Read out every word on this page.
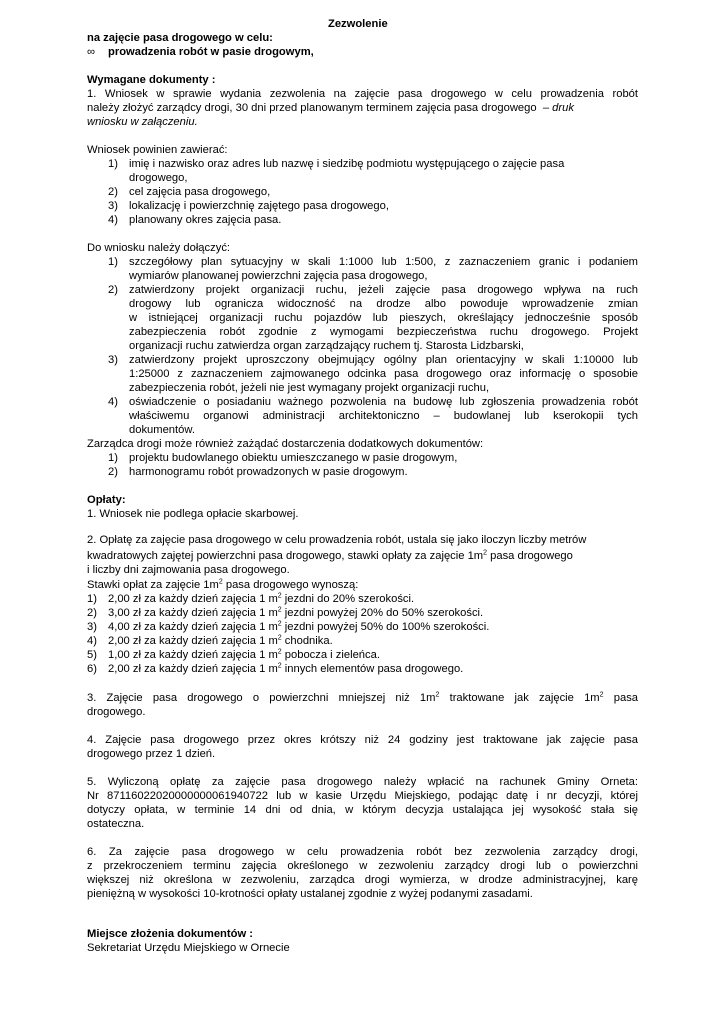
Zezwolenie
na zajęcie pasa drogowego w celu:
∞ prowadzenia robót w pasie drogowym,
Wymagane dokumenty :
1. Wniosek w sprawie wydania zezwolenia na zajęcie pasa drogowego w celu prowadzenia robót
należy złożyć zarządcy drogi, 30 dni przed planowanym terminem zajęcia pasa drogowego – druk
wniosku w załączeniu.
Wniosek powinien zawierać:
1) imię i nazwisko oraz adres lub nazwę i siedzibę podmiotu występującego o zajęcie pasa
drogowego,
2) cel zajęcia pasa drogowego,
3) lokalizację i powierzchnię zajętego pasa drogowego,
4) planowany okres zajęcia pasa.
Do wniosku należy dołączyć:
1) szczegółowy plan sytuacyjny w skali 1:1000 lub 1:500, z zaznaczeniem granic i podaniem
wymiarów planowanej powierzchni zajęcia pasa drogowego,
2) zatwierdzony projekt organizacji ruchu, jeżeli zajęcie pasa drogowego wpływa na ruch
drogowy lub ogranicza widoczność na drodze albo powoduje wprowadzenie zmian
w istniejącej organizacji ruchu pojazdów lub pieszych, określający jednocześnie sposób
zabezpieczenia robót zgodnie z wymogami bezpieczeństwa ruchu drogowego. Projekt
organizacji ruchu zatwierdza organ zarządzający ruchem tj. Starosta Lidzbarski,
3) zatwierdzony projekt uproszczony obejmujący ogólny plan orientacyjny w skali 1:10000 lub
1:25000 z zaznaczeniem zajmowanego odcinka pasa drogowego oraz informację o sposobie
zabezpieczenia robót, jeżeli nie jest wymagany projekt organizacji ruchu,
4) oświadczenie o posiadaniu ważnego pozwolenia na budowę lub zgłoszenia prowadzenia robót
właściwemu organowi administracji architektoniczno – budowlanej lub kserokopii tych
dokumentów.
Zarządca drogi może również zażądać dostarczenia dodatkowych dokumentów:
1) projektu budowlanego obiektu umieszczanego w pasie drogowym,
2) harmonogramu robót prowadzonych w pasie drogowym.
Opłaty:
1. Wniosek nie podlega opłacie skarbowej.
2. Opłatę za zajęcie pasa drogowego w celu prowadzenia robót, ustala się jako iloczyn liczby metrów
kwadratowych zajętej powierzchni pasa drogowego, stawki opłaty za zajęcie $1m^2$ pasa drogowego
i liczby dni zajmowania pasa drogowego.
Stawki opłat za zajęcie $1m^2$ pasa drogowego wynoszą:
1) 2,00 zł za każdy dzień zajęcia 1 $m^2$ jezdni do 20% szerokości.
2) 3,00 zł za każdy dzień zajęcia 1 $m^2$ jezdni powyżej 20% do 50% szerokości.
3) 4,00 zł za każdy dzień zajęcia 1 $m^2$ jezdni powyżej 50% do 100% szerokości.
4) 2,00 zł za każdy dzień zajęcia 1 $m^2$ chodnika.
5) 1,00 zł za każdy dzień zajęcia 1 $m^2$ pobocza i zieleńca.
6) 2,00 zł za każdy dzień zajęcia 1 $m^2$ innych elementów pasa drogowego.
3. Zajęcie pasa drogowego o powierzchni mniejszej niż $1m^2$ traktowane jak zajęcie $1m^2$ pasa
drogowego.
4. Zajęcie pasa drogowego przez okres krótszy niż 24 godziny jest traktowane jak zajęcie pasa
drogowego przez 1 dzień.
5. Wyliczoną opłatę za zajęcie pasa drogowego należy wpłacić na rachunek Gminy Orneta:
Nr 87116022020000000061940722 lub w kasie Urzędu Miejskiego, podając datę i nr decyzji, której
dotyczy opłata, w terminie 14 dni od dnia, w którym decyzja ustalająca jej wysokość stała się
ostateczna.
6. Za zajęcie pasa drogowego w celu prowadzenia robót bez zezwolenia zarządcy drogi,
z przekroczeniem terminu zajęcia określonego w zezwoleniu zarządcy drogi lub o powierzchni
większej niż określona w zezwoleniu, zarządca drogi wymierza, w drodze administracyjnej, karę
pieniężną w wysokości 10-krotności opłaty ustalanej zgodnie z wyżej podanymi zasadami.
Miejsce złożenia dokumentów :
Sekretariat Urzędu Miejskiego w Ornecie
